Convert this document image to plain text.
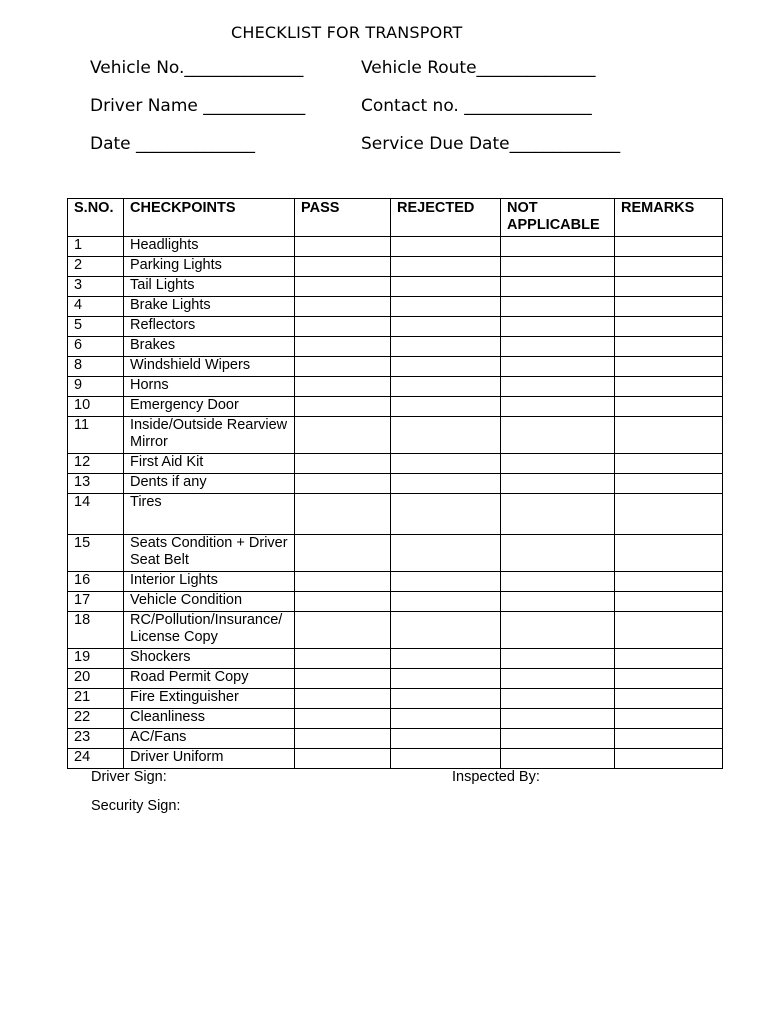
CHECKLIST FOR TRANSPORT
Vehicle No.______________	Vehicle Route______________
Driver Name ____________	Contact no. _______________
Date ______________	Service Due Date_____________
S.NO.	CHECKPOINTS	PASS	REJECTED	NOT APPLICABLE	REMARKS
1	Headlights				
2	Parking Lights				
3	Tail Lights				
4	Brake Lights				
5	Reflectors				
6	Brakes				
8	Windshield Wipers				
9	Horns				
10	Emergency Door				
11	Inside/Outside Rearview Mirror				
12	First Aid Kit				
13	Dents if any				
14	Tires				
15	Seats Condition + Driver Seat Belt				
16	Interior Lights				
17	Vehicle Condition				
18	RC/Pollution/Insurance/ License Copy				
19	Shockers				
20	Road Permit Copy				
21	Fire Extinguisher				
22	Cleanliness				
23	AC/Fans				
24	Driver Uniform				
Driver Sign:	Inspected By:
Security Sign:
